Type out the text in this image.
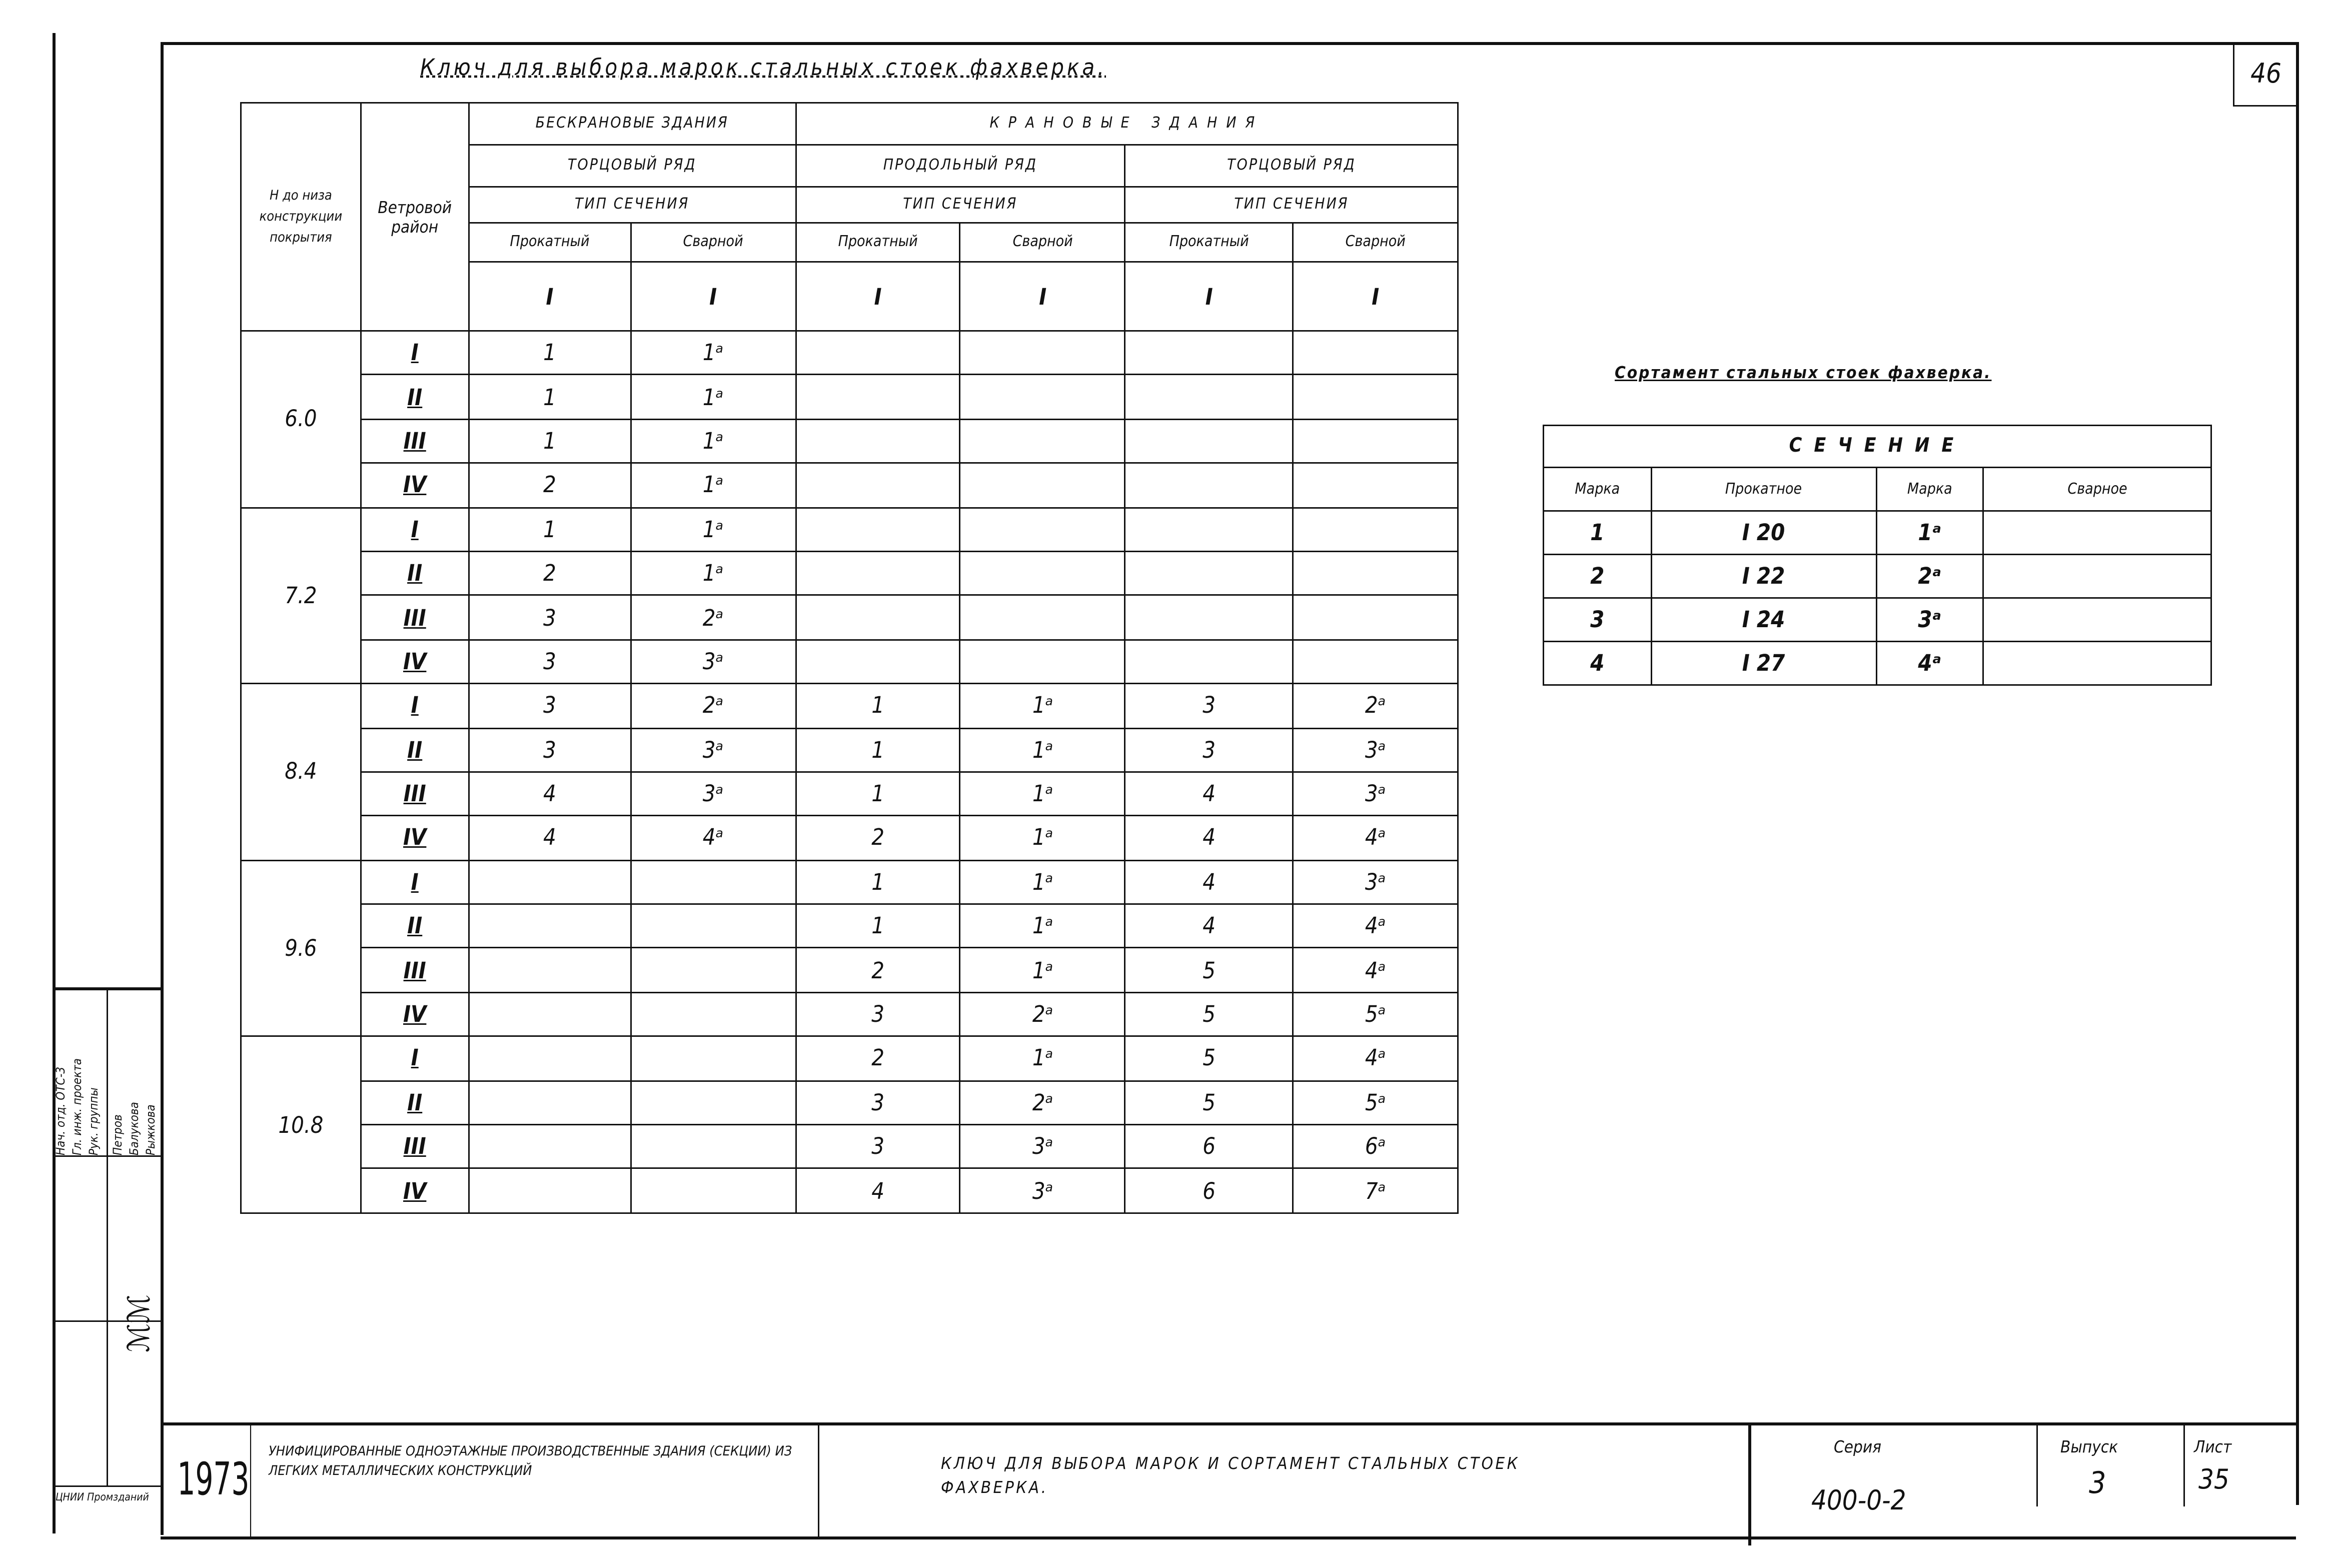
46
Ключ для выбора марок стальных стоек фахверка.
Н до низа конструкции покрытия	Ветровой район	БЕСКРАНОВЫЕ ЗДАНИЯ		КРАНОВЫЕ ЗДАНИЯ			
		ТОРЦОВЫЙ РЯД		ПРОДОЛЬНЫЙ РЯД		ТОРЦОВЫЙ РЯД	
		ТИП СЕЧЕНИЯ		ТИП СЕЧЕНИЯ		ТИП СЕЧЕНИЯ	
		Прокатный	Сварной	Прокатный	Сварной	Прокатный	Сварной
		I	I	I	I	I	I
6.0	I	1	1ᵃ				
	II	1	1ᵃ				
	III	1	1ᵃ				
	IV	2	1ᵃ				
7.2	I	1	1ᵃ				
	II	2	1ᵃ				
	III	3	2ᵃ				
	IV	3	3ᵃ				
8.4	I	3	2ᵃ	1	1ᵃ	3	2ᵃ
	II	3	3ᵃ	1	1ᵃ	3	3ᵃ
	III	4	3ᵃ	1	1ᵃ	4	3ᵃ
	IV	4	4ᵃ	2	1ᵃ	4	4ᵃ
9.6	I			1	1ᵃ	4	3ᵃ
	II			1	1ᵃ	4	4ᵃ
	III			2	1ᵃ	5	4ᵃ
	IV			3	2ᵃ	5	5ᵃ
10.8	I			2	1ᵃ	5	4ᵃ
	II			3	2ᵃ	5	5ᵃ
	III			3	3ᵃ	6	6ᵃ
	IV			4	3ᵃ	6	7ᵃ
Сортамент стальных стоек фахверка.
СЕЧЕНИЕ			
Марка	Прокатное	Марка	Сварное
1	I 20	1ᵃ	
2	I 22	2ᵃ	
3	I 24	3ᵃ	
4	I 27	4ᵃ	
Нач. отд. ОТС-3 Гл. инж. проекта Рук. группы	Петров Балукова Рыжкова
ℳℳ
ЦНИИ Промзданий	1973
УНИФИЦИРОВАННЫЕ ОДНОЭТАЖНЫЕ ПРОИЗВОДСТВЕННЫЕ ЗДАНИЯ (СЕКЦИИ) ИЗ ЛЕГКИХ МЕТАЛЛИЧЕСКИХ КОНСТРУКЦИЙ	КЛЮЧ ДЛЯ ВЫБОРА МАРОК И СОРТАМЕНТ СТАЛЬНЫХ СТОЕК ФАХВЕРКА.
Серия
400-0-2
Выпуск
3
Лист
35
